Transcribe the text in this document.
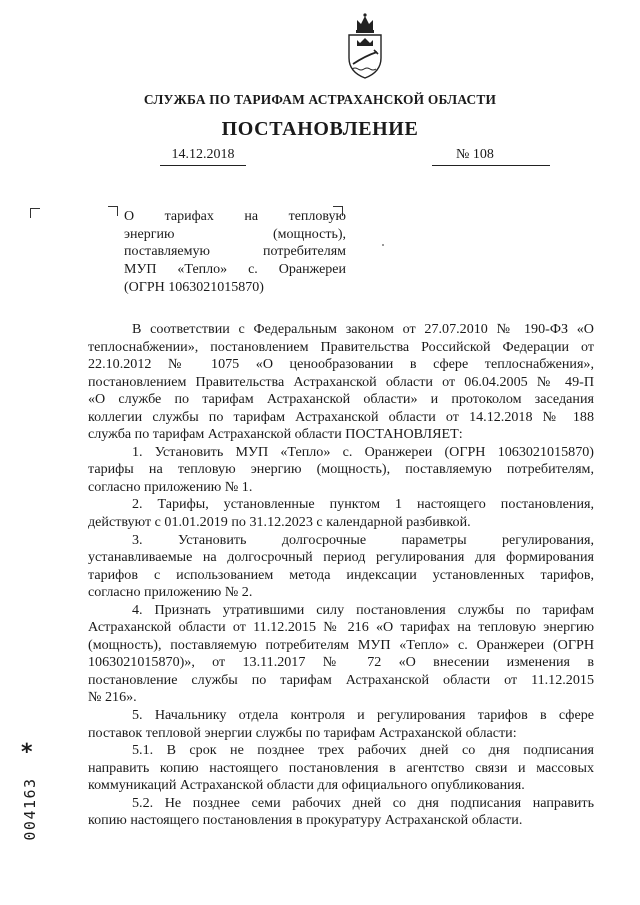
СЛУЖБА ПО ТАРИФАМ АСТРАХАНСКОЙ ОБЛАСТИ
ПОСТАНОВЛЕНИЕ
14.12.2018	№ 108
О тарифах на тепловую
энергию (мощность),
поставляемую потребителям
МУП «Тепло» с. Оранжереи
(ОГРН 1063021015870)
В соответствии с Федеральным законом от 27.07.2010 № 190-ФЗ «О
теплоснабжении», постановлением Правительства Российской Федерации от
22.10.2012 № 1075 «О ценообразовании в сфере теплоснабжения»,
постановлением Правительства Астраханской области от 06.04.2005 № 49-П
«О службе по тарифам Астраханской области» и протоколом заседания
коллегии службы по тарифам Астраханской области от 14.12.2018 № 188
служба по тарифам Астраханской области ПОСТАНОВЛЯЕТ:
1. Установить МУП «Тепло» с. Оранжереи (ОГРН 1063021015870)
тарифы на тепловую энергию (мощность), поставляемую потребителям,
согласно приложению № 1.
2. Тарифы, установленные пунктом 1 настоящего постановления,
действуют с 01.01.2019 по 31.12.2023 с календарной разбивкой.
3. Установить долгосрочные параметры регулирования,
устанавливаемые на долгосрочный период регулирования для формирования
тарифов с использованием метода индексации установленных тарифов,
согласно приложению № 2.
4. Признать утратившими силу постановления службы по тарифам
Астраханской области от 11.12.2015 № 216 «О тарифах на тепловую энергию
(мощность), поставляемую потребителям МУП «Тепло» с. Оранжереи (ОГРН
1063021015870)», от 13.11.2017 № 72 «О внесении изменения в
постановление службы по тарифам Астраханской области от 11.12.2015
№ 216».
5. Начальнику отдела контроля и регулирования тарифов в сфере
поставок тепловой энергии службы по тарифам Астраханской области:
5.1. В срок не позднее трех рабочих дней со дня подписания
направить копию настоящего постановления в агентство связи и массовых
коммуникаций Астраханской области для официального опубликования.
5.2. Не позднее семи рабочих дней со дня подписания направить
копию настоящего постановления в прокуратуру Астраханской области.
*
004163
